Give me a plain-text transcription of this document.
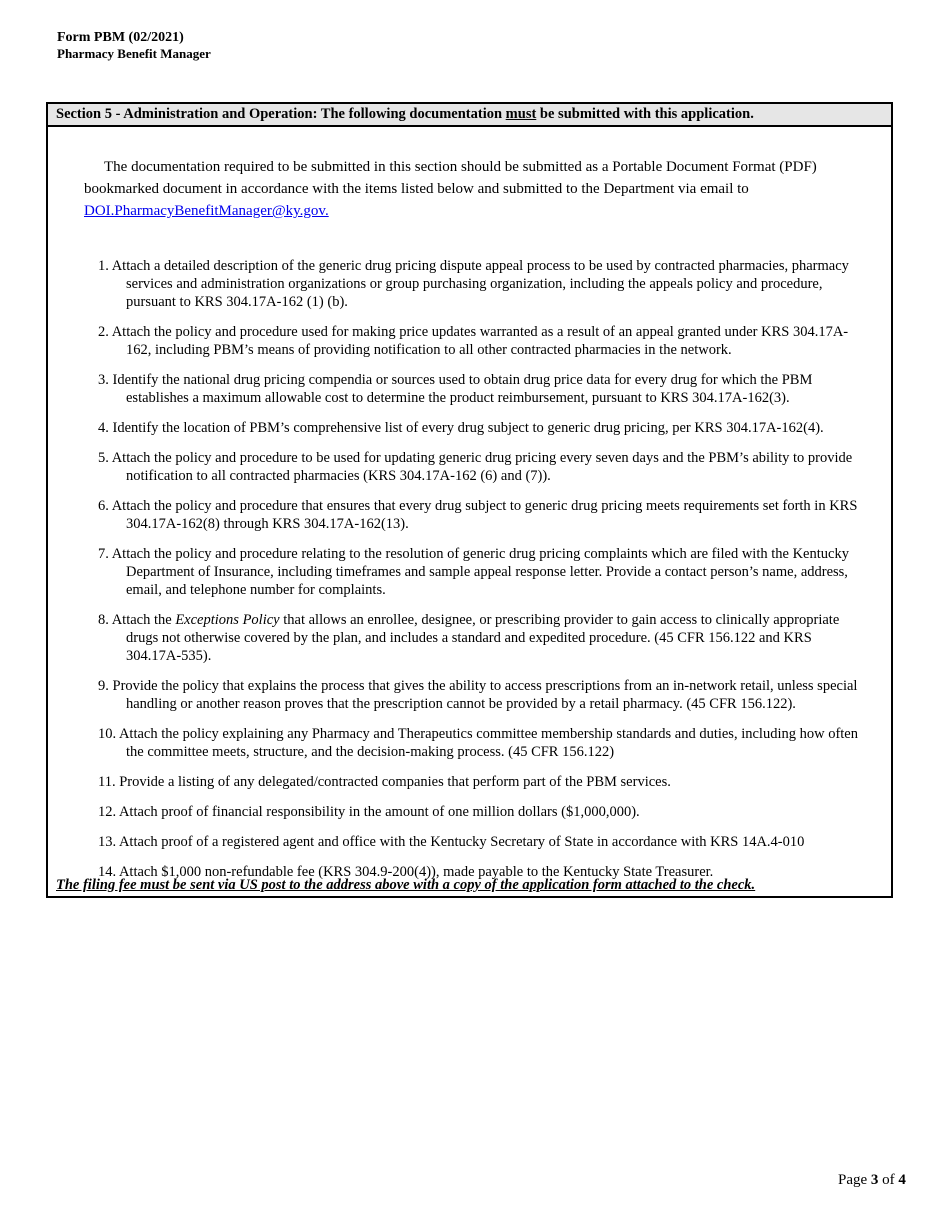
Form PBM (02/2021)
Pharmacy Benefit Manager
Section 5 - Administration and Operation: The following documentation must be submitted with this application.
The documentation required to be submitted in this section should be submitted as a Portable Document Format (PDF) bookmarked document in accordance with the items listed below and submitted to the Department via email to
DOI.PharmacyBenefitManager@ky.gov.
1. Attach a detailed description of the generic drug pricing dispute appeal process to be used by contracted pharmacies, pharmacy services and administration organizations or group purchasing organization, including the appeals policy and procedure, pursuant to KRS 304.17A-162 (1) (b).
2. Attach the policy and procedure used for making price updates warranted as a result of an appeal granted under KRS 304.17A-162, including PBM’s means of providing notification to all other contracted pharmacies in the network.
3. Identify the national drug pricing compendia or sources used to obtain drug price data for every drug for which the PBM establishes a maximum allowable cost to determine the product reimbursement, pursuant to KRS 304.17A-162(3).
4. Identify the location of PBM’s comprehensive list of every drug subject to generic drug pricing, per KRS 304.17A-162(4).
5. Attach the policy and procedure to be used for updating generic drug pricing every seven days and the PBM’s ability to provide notification to all contracted pharmacies (KRS 304.17A-162 (6) and (7)).
6. Attach the policy and procedure that ensures that every drug subject to generic drug pricing meets requirements set forth in KRS 304.17A-162(8) through KRS 304.17A-162(13).
7. Attach the policy and procedure relating to the resolution of generic drug pricing complaints which are filed with the Kentucky Department of Insurance, including timeframes and sample appeal response letter. Provide a contact person’s name, address, email, and telephone number for complaints.
8. Attach the Exceptions Policy that allows an enrollee, designee, or prescribing provider to gain access to clinically appropriate drugs not otherwise covered by the plan, and includes a standard and expedited procedure. (45 CFR 156.122 and KRS 304.17A-535).
9. Provide the policy that explains the process that gives the ability to access prescriptions from an in-network retail, unless special handling or another reason proves that the prescription cannot be provided by a retail pharmacy. (45 CFR 156.122).
10. Attach the policy explaining any Pharmacy and Therapeutics committee membership standards and duties, including how often the committee meets, structure, and the decision-making process. (45 CFR 156.122)
11. Provide a listing of any delegated/contracted companies that perform part of the PBM services.
12. Attach proof of financial responsibility in the amount of one million dollars ($1,000,000).
13. Attach proof of a registered agent and office with the Kentucky Secretary of State in accordance with KRS 14A.4-010
14. Attach $1,000 non-refundable fee (KRS 304.9-200(4)), made payable to the Kentucky State Treasurer.
The filing fee must be sent via US post to the address above with a copy of the application form attached to the check.
Page 3 of 4
